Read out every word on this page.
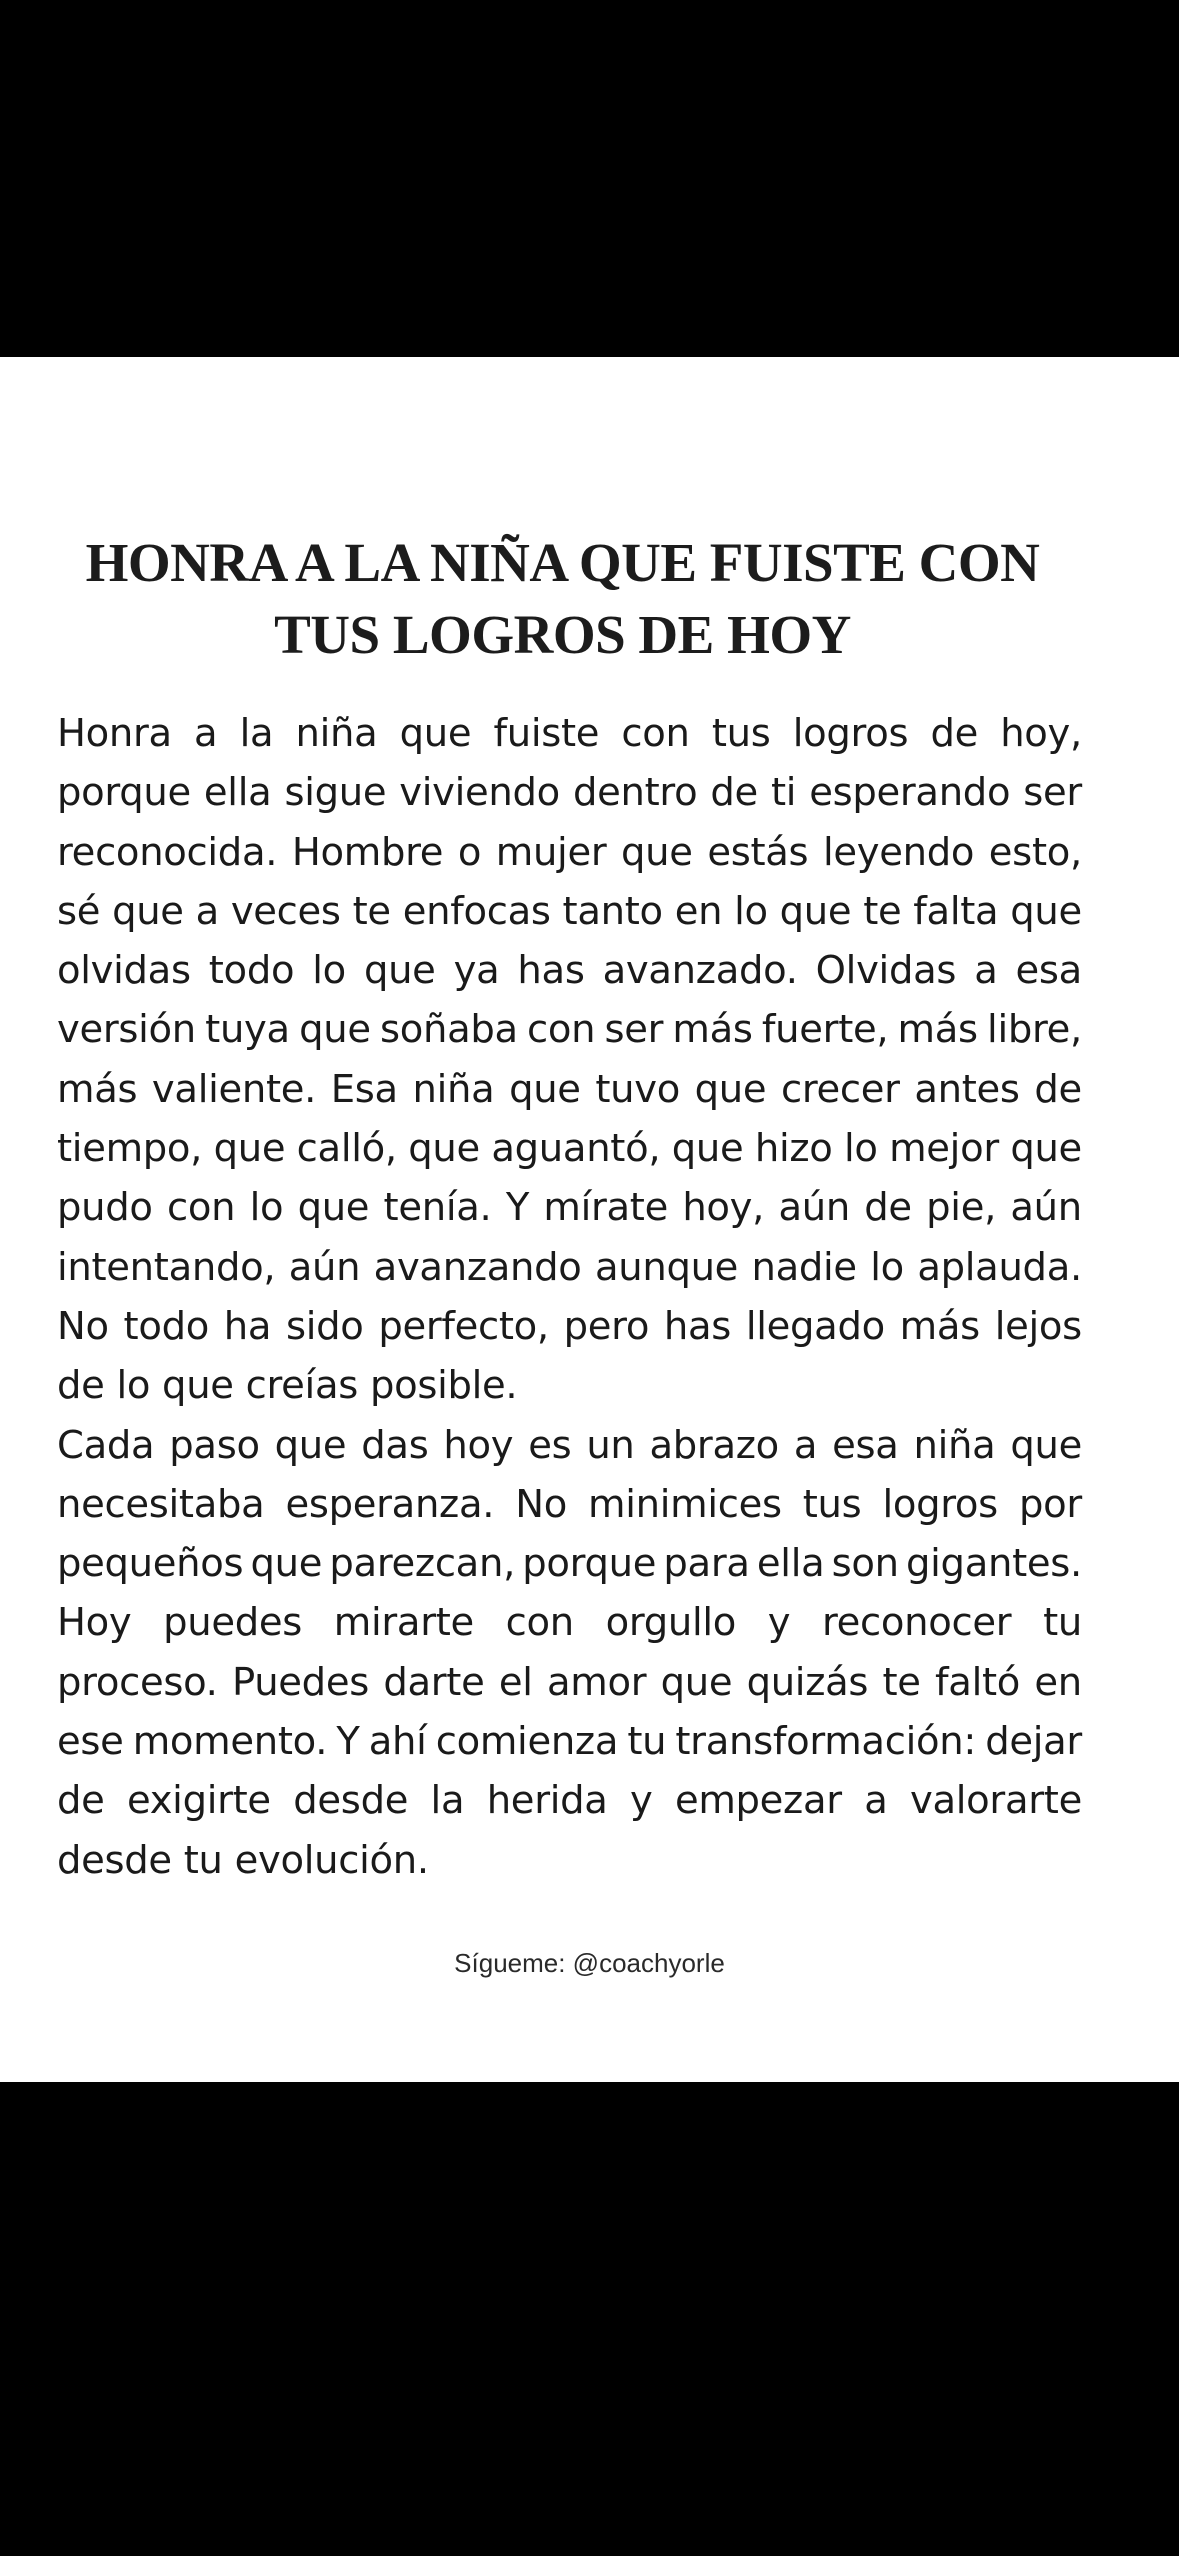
HONRA A LA NIÑA QUE FUISTE CON
TUS LOGROS DE HOY

Honra a la niña que fuiste con tus logros de hoy,
porque ella sigue viviendo dentro de ti esperando ser
reconocida. Hombre o mujer que estás leyendo esto,
sé que a veces te enfocas tanto en lo que te falta que
olvidas todo lo que ya has avanzado. Olvidas a esa
versión tuya que soñaba con ser más fuerte, más libre,
más valiente. Esa niña que tuvo que crecer antes de
tiempo, que calló, que aguantó, que hizo lo mejor que
pudo con lo que tenía. Y mírate hoy, aún de pie, aún
intentando, aún avanzando aunque nadie lo aplauda.
No todo ha sido perfecto, pero has llegado más lejos
de lo que creías posible.

Cada paso que das hoy es un abrazo a esa niña que
necesitaba esperanza. No minimices tus logros por
pequeños que parezcan, porque para ella son gigantes.
Hoy puedes mirarte con orgullo y reconocer tu
proceso. Puedes darte el amor que quizás te faltó en
ese momento. Y ahí comienza tu transformación: dejar
de exigirte desde la herida y empezar a valorarte
desde tu evolución.

Sígueme: @coachyorle
